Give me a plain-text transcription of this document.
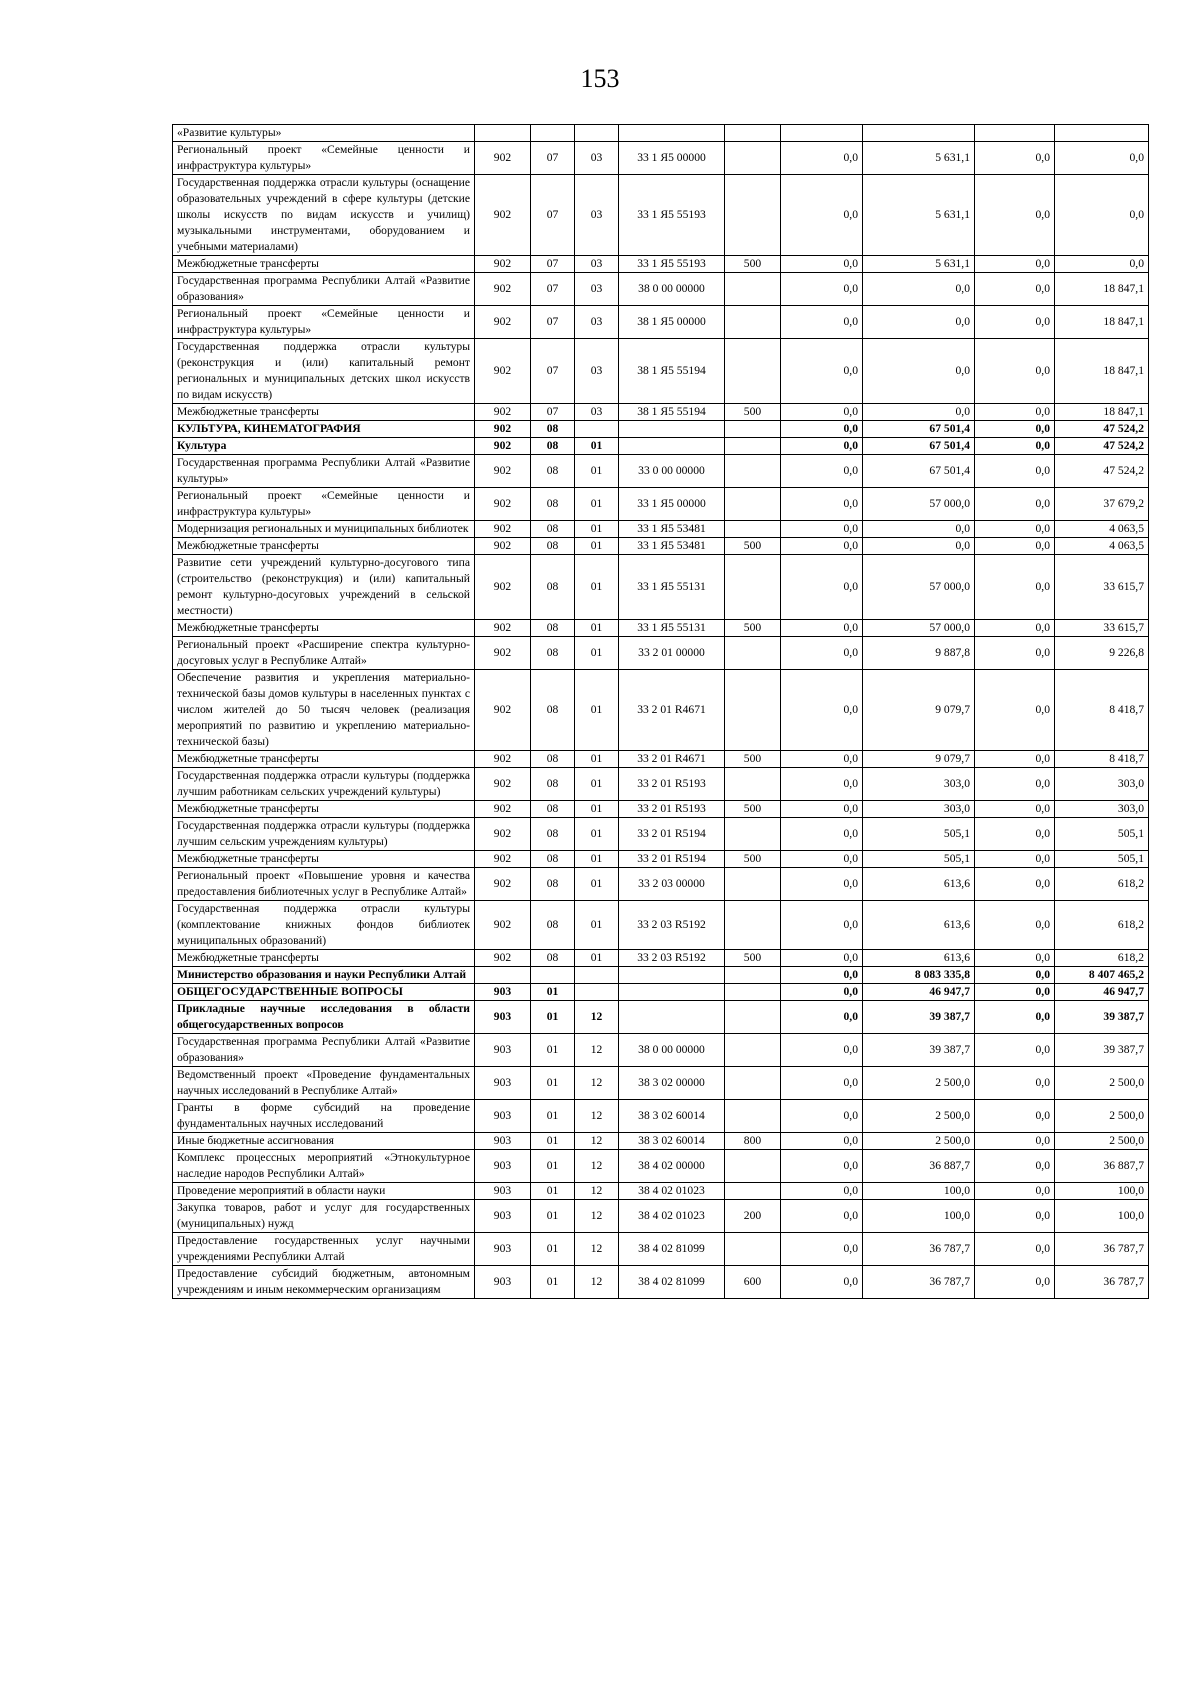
153
«Развитие культуры»									
Региональный проект «Семейные ценности и инфраструктура культуры»	902	07	03	33 1 Я5 00000		0,0	5 631,1	0,0	0,0
Государственная поддержка отрасли культуры (оснащение образовательных учреждений в сфере культуры (детские школы искусств по видам искусств и училищ) музыкальными инструментами, оборудованием и учебными материалами)	902	07	03	33 1 Я5 55193		0,0	5 631,1	0,0	0,0
Межбюджетные трансферты	902	07	03	33 1 Я5 55193	500	0,0	5 631,1	0,0	0,0
Государственная программа Республики Алтай «Развитие образования»	902	07	03	38 0 00 00000		0,0	0,0	0,0	18 847,1
Региональный проект «Семейные ценности и инфраструктура культуры»	902	07	03	38 1 Я5 00000		0,0	0,0	0,0	18 847,1
Государственная поддержка отрасли культуры (реконструкция и (или) капитальный ремонт региональных и муниципальных детских школ искусств по видам искусств)	902	07	03	38 1 Я5 55194		0,0	0,0	0,0	18 847,1
Межбюджетные трансферты	902	07	03	38 1 Я5 55194	500	0,0	0,0	0,0	18 847,1
КУЛЬТУРА, КИНЕМАТОГРАФИЯ	902	08				0,0	67 501,4	0,0	47 524,2
Культура	902	08	01			0,0	67 501,4	0,0	47 524,2
Государственная программа Республики Алтай «Развитие культуры»	902	08	01	33 0 00 00000		0,0	67 501,4	0,0	47 524,2
Региональный проект «Семейные ценности и инфраструктура культуры»	902	08	01	33 1 Я5 00000		0,0	57 000,0	0,0	37 679,2
Модернизация региональных и муниципальных библиотек	902	08	01	33 1 Я5 53481		0,0	0,0	0,0	4 063,5
Межбюджетные трансферты	902	08	01	33 1 Я5 53481	500	0,0	0,0	0,0	4 063,5
Развитие сети учреждений культурно-досугового типа (строительство (реконструкция) и (или) капитальный ремонт культурно-досуговых учреждений в сельской местности)	902	08	01	33 1 Я5 55131		0,0	57 000,0	0,0	33 615,7
Межбюджетные трансферты	902	08	01	33 1 Я5 55131	500	0,0	57 000,0	0,0	33 615,7
Региональный проект «Расширение спектра культурно-досуговых услуг в Республике Алтай»	902	08	01	33 2 01 00000		0,0	9 887,8	0,0	9 226,8
Обеспечение развития и укрепления материально-технической базы домов культуры в населенных пунктах с числом жителей до 50 тысяч человек (реализация мероприятий по развитию и укреплению материально-технической базы)	902	08	01	33 2 01 R4671		0,0	9 079,7	0,0	8 418,7
Межбюджетные трансферты	902	08	01	33 2 01 R4671	500	0,0	9 079,7	0,0	8 418,7
Государственная поддержка отрасли культуры (поддержка лучшим работникам сельских учреждений культуры)	902	08	01	33 2 01 R5193		0,0	303,0	0,0	303,0
Межбюджетные трансферты	902	08	01	33 2 01 R5193	500	0,0	303,0	0,0	303,0
Государственная поддержка отрасли культуры (поддержка лучшим сельским учреждениям культуры)	902	08	01	33 2 01 R5194		0,0	505,1	0,0	505,1
Межбюджетные трансферты	902	08	01	33 2 01 R5194	500	0,0	505,1	0,0	505,1
Региональный проект «Повышение уровня и качества предоставления библиотечных услуг в Республике Алтай»	902	08	01	33 2 03 00000		0,0	613,6	0,0	618,2
Государственная поддержка отрасли культуры (комплектование книжных фондов библиотек муниципальных образований)	902	08	01	33 2 03 R5192		0,0	613,6	0,0	618,2
Межбюджетные трансферты	902	08	01	33 2 03 R5192	500	0,0	613,6	0,0	618,2
Министерство образования и науки Республики Алтай						0,0	8 083 335,8	0,0	8 407 465,2
ОБЩЕГОСУДАРСТВЕННЫЕ ВОПРОСЫ	903	01				0,0	46 947,7	0,0	46 947,7
Прикладные научные исследования в области общегосударственных вопросов	903	01	12			0,0	39 387,7	0,0	39 387,7
Государственная программа Республики Алтай «Развитие образования»	903	01	12	38 0 00 00000		0,0	39 387,7	0,0	39 387,7
Ведомственный проект «Проведение фундаментальных научных исследований в Республике Алтай»	903	01	12	38 3 02 00000		0,0	2 500,0	0,0	2 500,0
Гранты в форме субсидий на проведение фундаментальных научных исследований	903	01	12	38 3 02 60014		0,0	2 500,0	0,0	2 500,0
Иные бюджетные ассигнования	903	01	12	38 3 02 60014	800	0,0	2 500,0	0,0	2 500,0
Комплекс процессных мероприятий «Этнокультурное наследие народов Республики Алтай»	903	01	12	38 4 02 00000		0,0	36 887,7	0,0	36 887,7
Проведение мероприятий в области науки	903	01	12	38 4 02 01023		0,0	100,0	0,0	100,0
Закупка товаров, работ и услуг для государственных (муниципальных) нужд	903	01	12	38 4 02 01023	200	0,0	100,0	0,0	100,0
Предоставление государственных услуг научными учреждениями Республики Алтай	903	01	12	38 4 02 81099		0,0	36 787,7	0,0	36 787,7
Предоставление субсидий бюджетным, автономным учреждениям и иным некоммерческим организациям	903	01	12	38 4 02 81099	600	0,0	36 787,7	0,0	36 787,7
